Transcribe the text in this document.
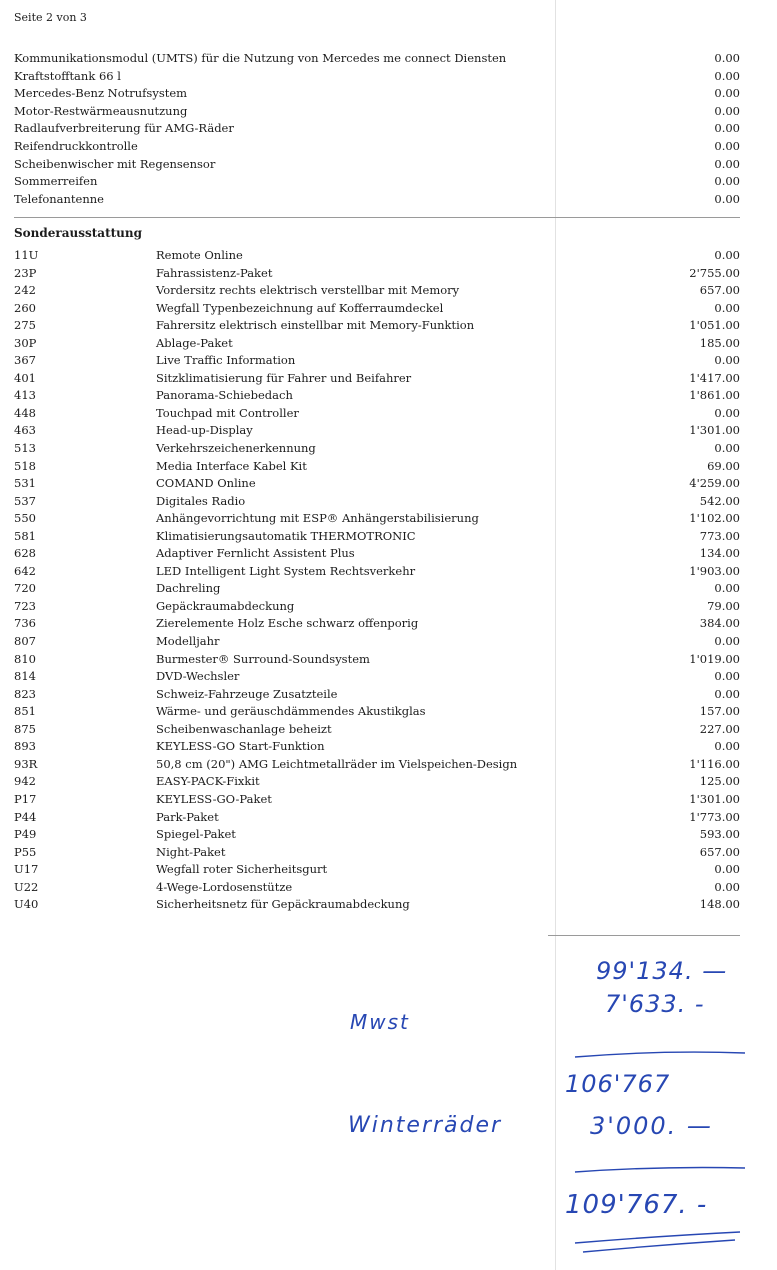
Seite 2 von 3
Kommunikationsmodul (UMTS) für die Nutzung von Mercedes me connect Diensten	0.00
Kraftstofftank 66 l	0.00
Mercedes-Benz Notrufsystem	0.00
Motor-Restwärmeausnutzung	0.00
Radlaufverbreiterung für AMG-Räder	0.00
Reifendruckkontrolle	0.00
Scheibenwischer mit Regensensor	0.00
Sommerreifen	0.00
Telefonantenne	0.00
Sonderausstattung
11U	Remote Online	0.00
23P	Fahrassistenz-Paket	2'755.00
242	Vordersitz rechts elektrisch verstellbar mit Memory	657.00
260	Wegfall Typenbezeichnung auf Kofferraumdeckel	0.00
275	Fahrersitz elektrisch einstellbar mit Memory-Funktion	1'051.00
30P	Ablage-Paket	185.00
367	Live Traffic Information	0.00
401	Sitzklimatisierung für Fahrer und Beifahrer	1'417.00
413	Panorama-Schiebedach	1'861.00
448	Touchpad mit Controller	0.00
463	Head-up-Display	1'301.00
513	Verkehrszeichenerkennung	0.00
518	Media Interface Kabel Kit	69.00
531	COMAND Online	4'259.00
537	Digitales Radio	542.00
550	Anhängevorrichtung mit ESP® Anhängerstabilisierung	1'102.00
581	Klimatisierungsautomatik THERMOTRONIC	773.00
628	Adaptiver Fernlicht Assistent Plus	134.00
642	LED Intelligent Light System Rechtsverkehr	1'903.00
720	Dachreling	0.00
723	Gepäckraumabdeckung	79.00
736	Zierelemente Holz Esche schwarz offenporig	384.00
807	Modelljahr	0.00
810	Burmester® Surround-Soundsystem	1'019.00
814	DVD-Wechsler	0.00
823	Schweiz-Fahrzeuge Zusatzteile	0.00
851	Wärme- und geräuschdämmendes Akustikglas	157.00
875	Scheibenwaschanlage beheizt	227.00
893	KEYLESS-GO Start-Funktion	0.00
93R	50,8 cm (20") AMG Leichtmetallräder im Vielspeichen-Design	1'116.00
942	EASY-PACK-Fixkit	125.00
P17	KEYLESS-GO-Paket	1'301.00
P44	Park-Paket	1'773.00
P49	Spiegel-Paket	593.00
P55	Night-Paket	657.00
U17	Wegfall roter Sicherheitsgurt	0.00
U22	4-Wege-Lordosenstütze	0.00
U40	Sicherheitsnetz für Gepäckraumabdeckung	148.00
99'134. —
Mwst
7'633. -
106'767
Winterräder	3'000. —
109'767. -
